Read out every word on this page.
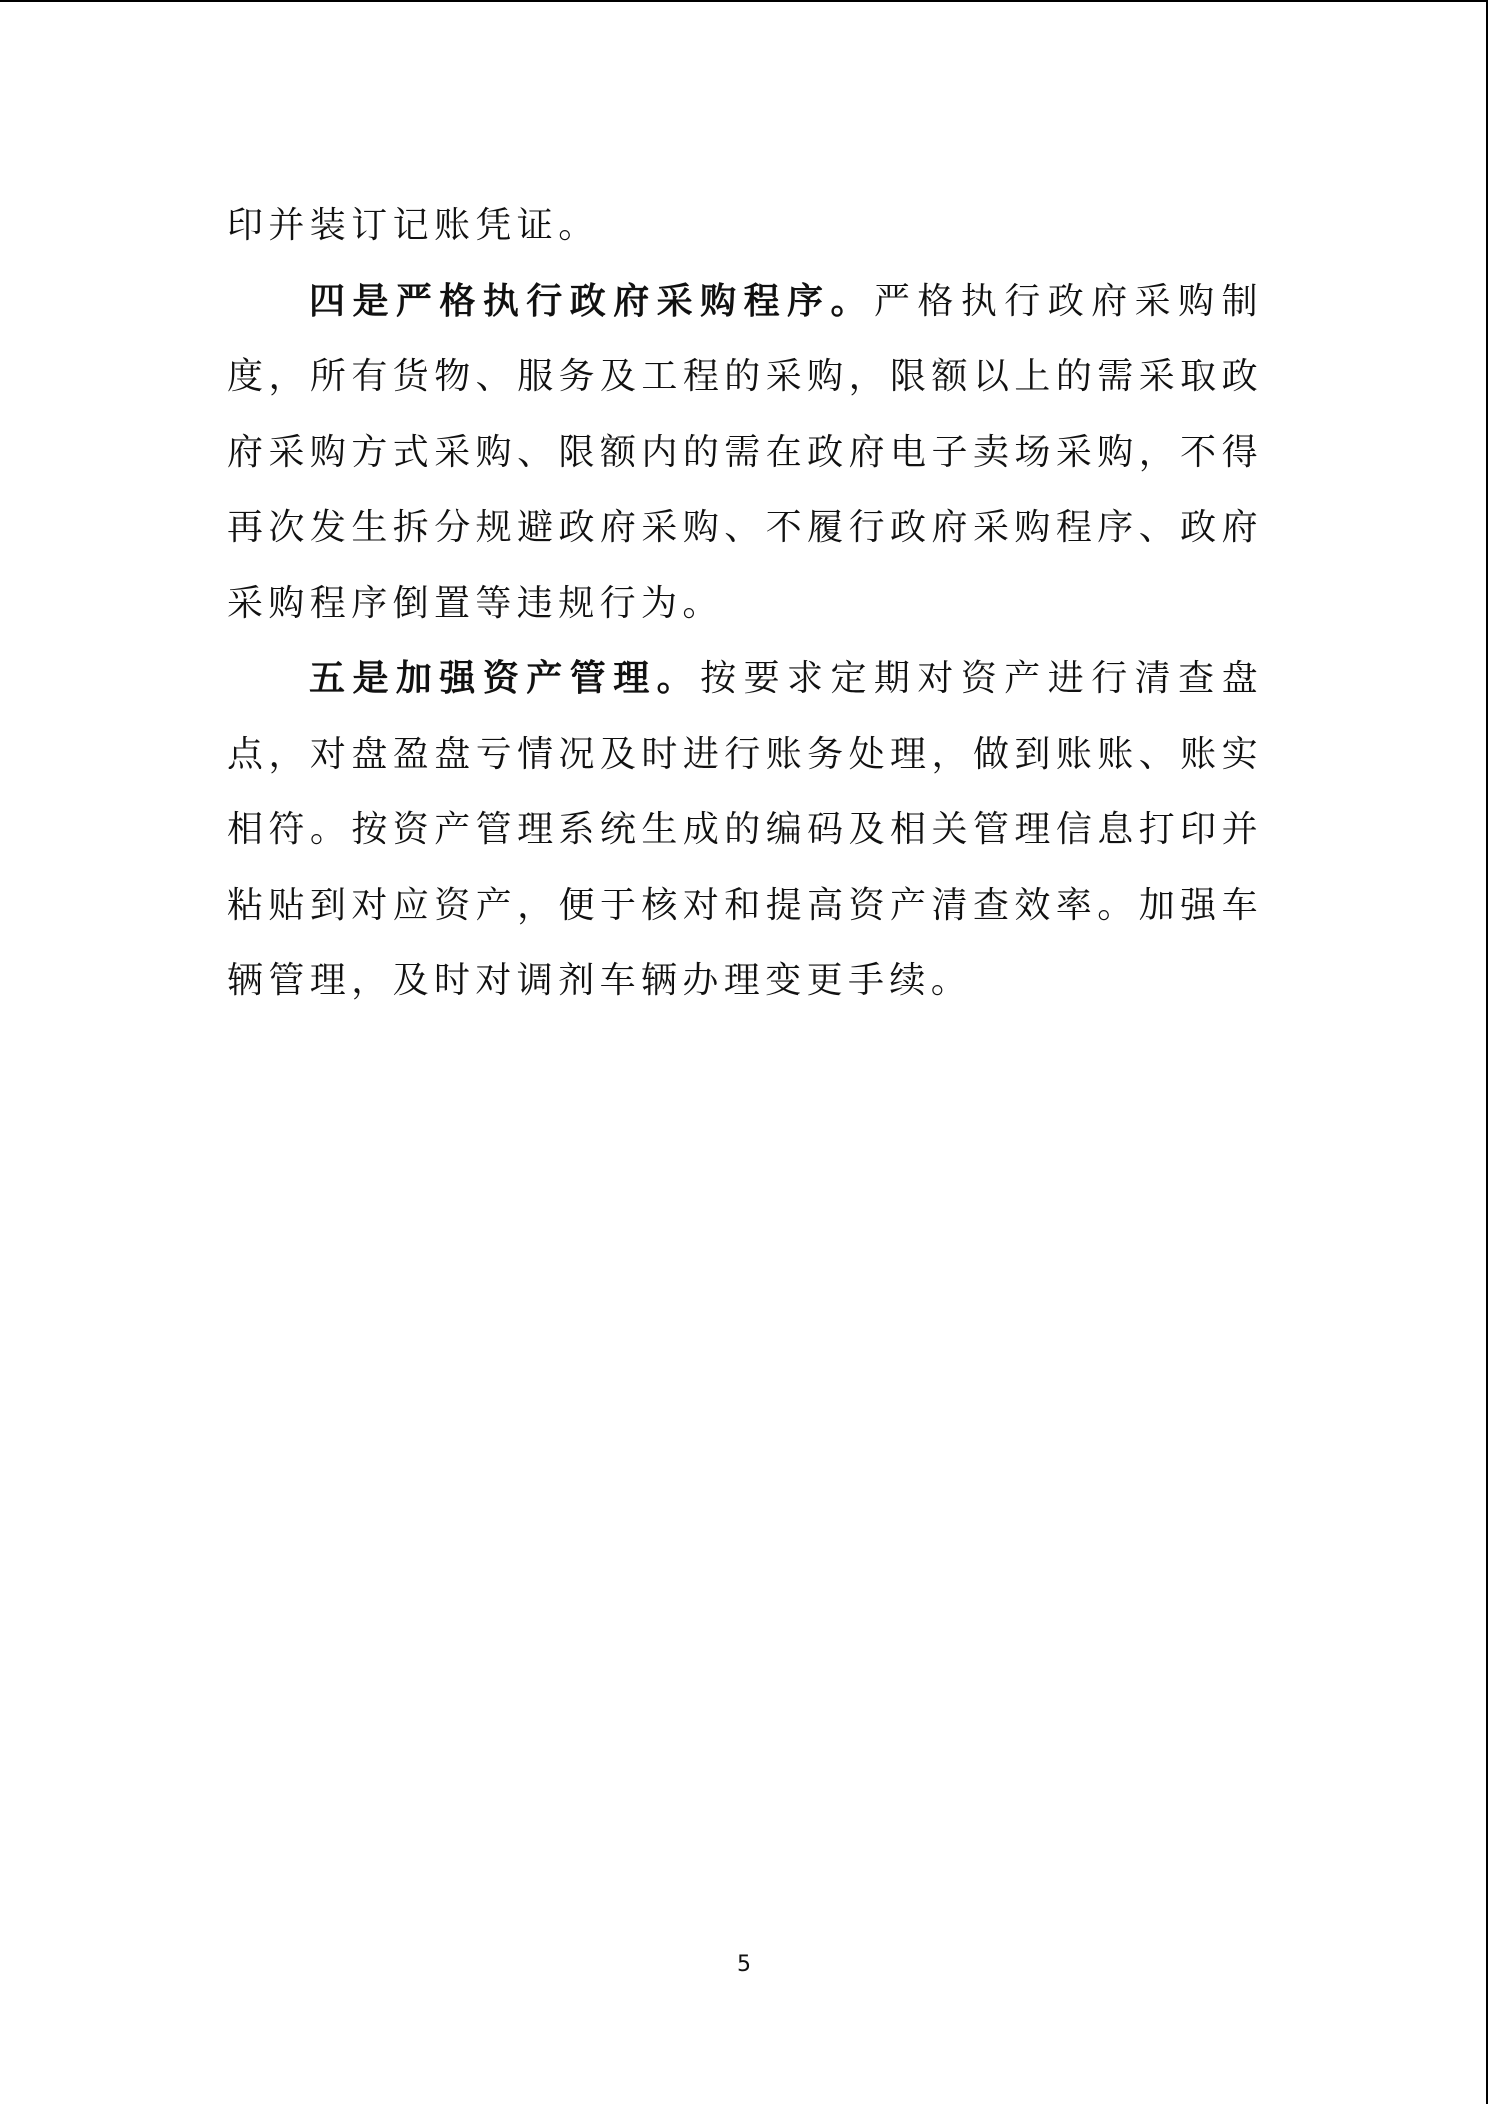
印并装订记账凭证。

四是严格执行政府采购程序。严格执行政府采购制度，所有货物、服务及工程的采购，限额以上的需采取政府采购方式采购、限额内的需在政府电子卖场采购，不得再次发生拆分规避政府采购、不履行政府采购程序、政府采购程序倒置等违规行为。

五是加强资产管理。按要求定期对资产进行清查盘点，对盘盈盘亏情况及时进行账务处理，做到账账、账实相符。按资产管理系统生成的编码及相关管理信息打印并粘贴到对应资产，便于核对和提高资产清查效率。加强车辆管理，及时对调剂车辆办理变更手续。

5
